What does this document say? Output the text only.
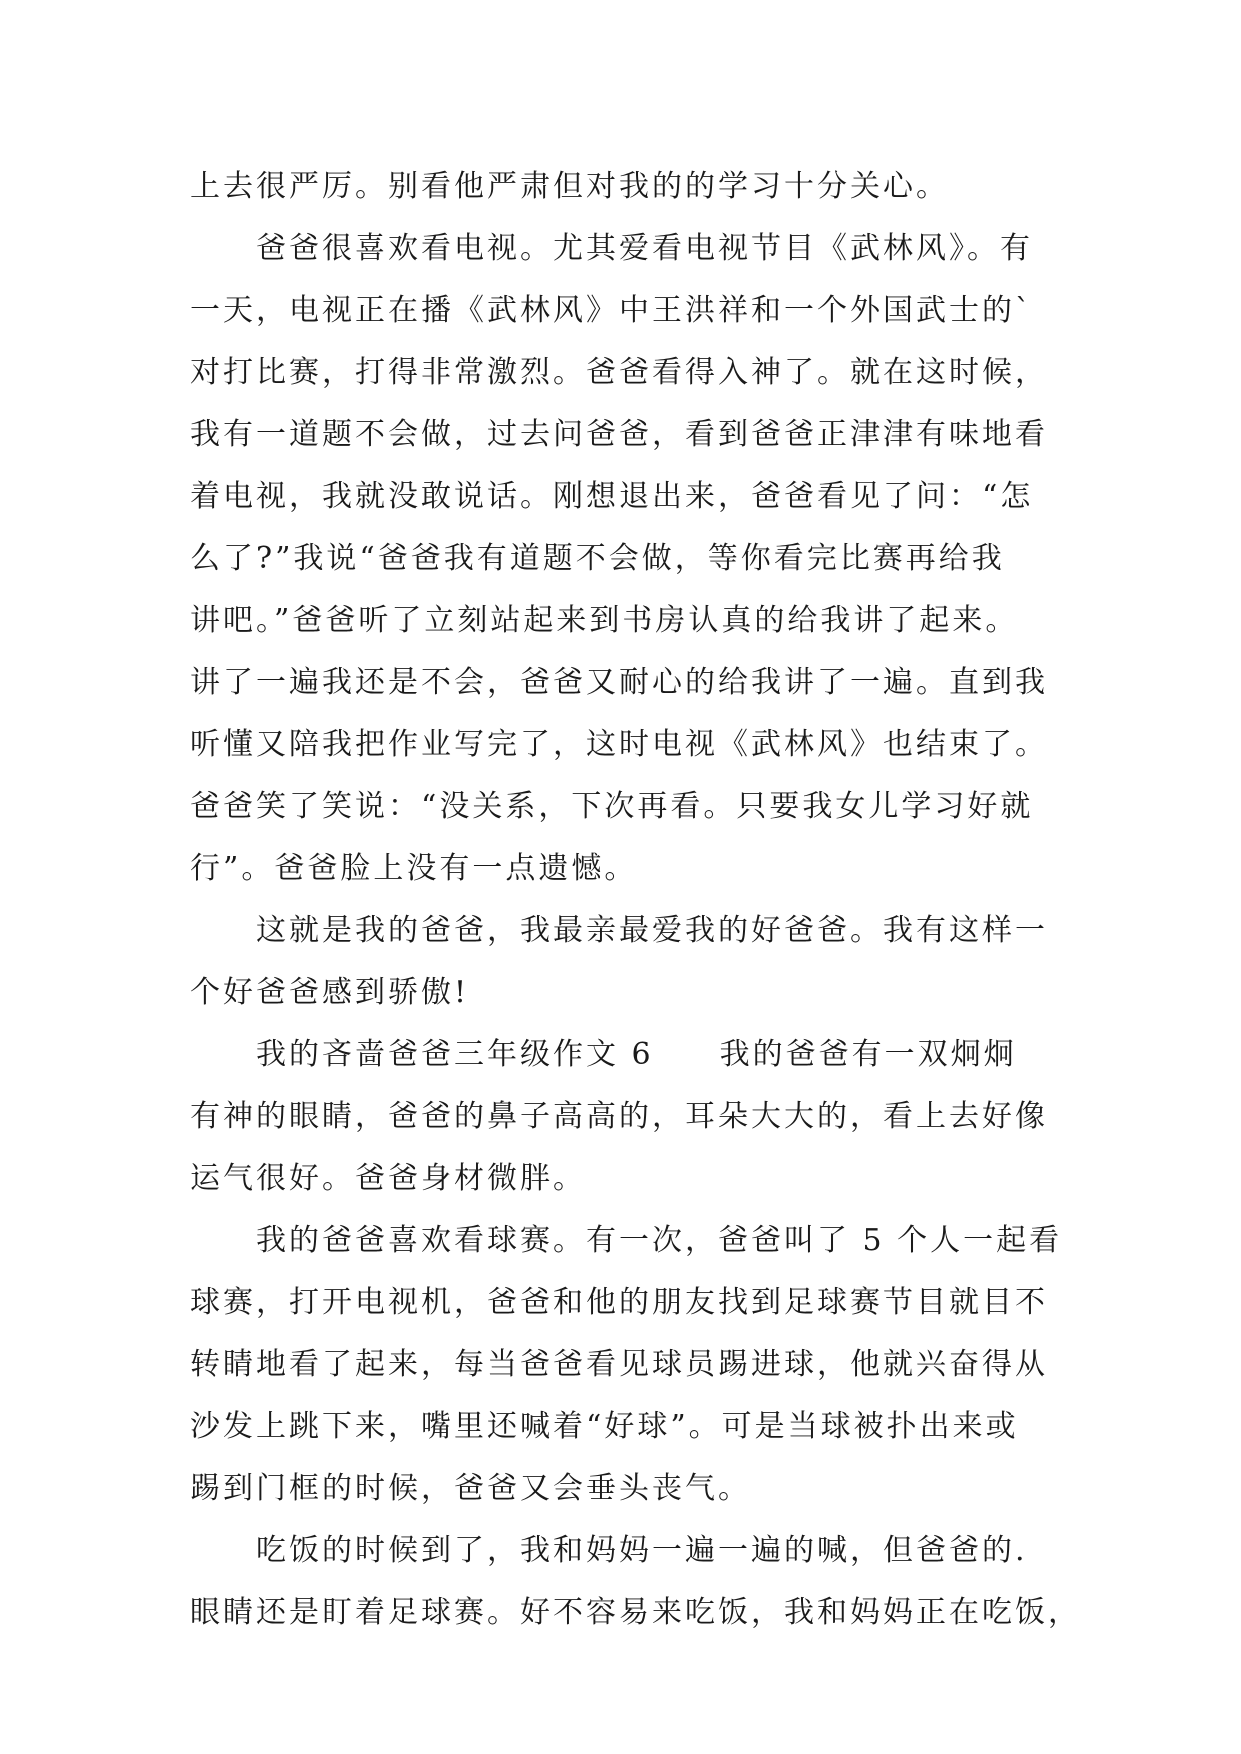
上去很严厉。别看他严肃但对我的的学习十分关心。
爸爸很喜欢看电视。尤其爱看电视节目《武林风》。有
一天，电视正在播《武林风》中王洪祥和一个外国武士的`
对打比赛，打得非常激烈。爸爸看得入神了。就在这时候，
我有一道题不会做，过去问爸爸，看到爸爸正津津有味地看
着电视，我就没敢说话。刚想退出来，爸爸看见了问：“怎
么了?”我说“爸爸我有道题不会做，等你看完比赛再给我
讲吧。”爸爸听了立刻站起来到书房认真的给我讲了起来。
讲了一遍我还是不会，爸爸又耐心的给我讲了一遍。直到我
听懂又陪我把作业写完了，这时电视《武林风》也结束了。
爸爸笑了笑说：“没关系，下次再看。只要我女儿学习好就
行”。爸爸脸上没有一点遗憾。
这就是我的爸爸，我最亲最爱我的好爸爸。我有这样一
个好爸爸感到骄傲!
我的吝啬爸爸三年级作文 6　　我的爸爸有一双炯炯
有神的眼睛，爸爸的鼻子高高的，耳朵大大的，看上去好像
运气很好。爸爸身材微胖。
我的爸爸喜欢看球赛。有一次，爸爸叫了 5 个人一起看
球赛，打开电视机，爸爸和他的朋友找到足球赛节目就目不
转睛地看了起来，每当爸爸看见球员踢进球，他就兴奋得从
沙发上跳下来，嘴里还喊着“好球”。可是当球被扑出来或
踢到门框的时候，爸爸又会垂头丧气。
吃饭的时候到了，我和妈妈一遍一遍的喊，但爸爸的.
眼睛还是盯着足球赛。好不容易来吃饭，我和妈妈正在吃饭，
